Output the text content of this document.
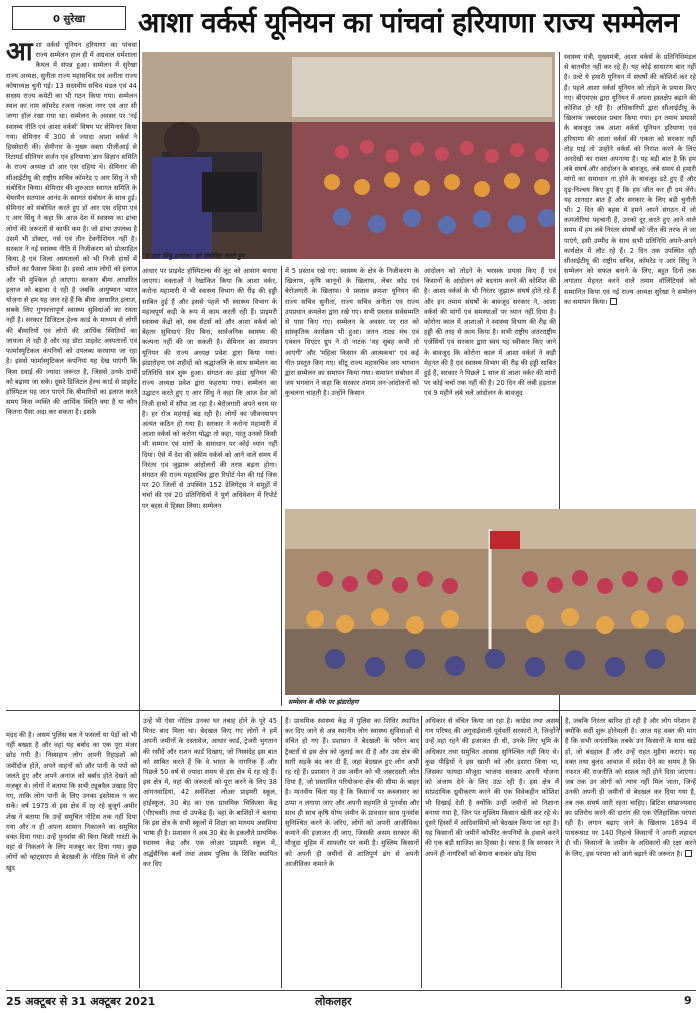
0 सुरेखा	आशा वर्कर्स यूनियन का पांचवां हरियाणा राज्य सम्मेलन
आ शा वर्कर्स यूनियन हरियाणा का पांचवा राज्य सम्मेलन हाल ही में अग्रवाल धर्मशाला कैथल में संपन्न हुआ। सम्मेलन में सुरेखा राज्य अध्यक्ष, सुनीता राज्य महासचिव एवं अनीता राज्य कोषाध्यक्ष चुनी गई। 13 सदस्यीय सचिव मंडल एवं 44 सदस्य राज्य कमेटी का भी गठन किया गया। सम्मेलन स्थल का नाम कॉमरेड रजना नरूला नगर एवं आर सी जग्गा हॉल रखा गया था। सम्मेलन के अवसर पर 'नई स्वास्थ्य नीति एवं आशा वर्कर्स' विषय पर सेमिनार किया गया। सेमिनार में 300 से ज्यादा आशा वर्कर्स ने हिस्सेदारी की। सेमीनार के मुख्य वक्ता पीजीआई से रिटायर्ड सीनियर सर्जन एवं हरियाणा ज्ञान विज्ञान समिति के राज्य अध्यक्ष डॉ आर एस दहिया थे। सेमिनार की सीआईटीयू की राष्ट्रीय सचिव कॉमरेड ए आर सिंधु ने भी संबोधित किया। सेमिनार की शुरुआत स्वागत समिति के चेयरमैन सतपाल आनंद के स्वागत संबोधन के साथ हुई। सेमिनार को संबोधित करते हुए डॉ आर एस दहिया एवं ए आर सिंधु ने कहा कि आज देश में स्वास्थ्य का ढांचा लोगों की जरूरतों से काफी कम है। जो ढांचा उपलब्ध है उसमें भी डॉक्टर, नर्स एवं तीन टेक्नीशियन नहीं है। सरकार ने नई स्वास्थ्य नीति में निजीकरण को प्रोत्साहित किया है एवं जिला अस्पतालों को भी निजी हाथों में सौंपने का फैसला किया है। इससे आम लोगों को इलाज और भी मुश्किल हो जाएगा। सरकार बीमा आधारित इलाज को बढ़ावा दे रही है जबकि आयुष्मान भारत योजना से हम यह जान रहे हैं कि बीमा आधारित इलाज, सबके लिए गुणवत्तापूर्ण स्वास्थ्य सुविधाओं का रास्ता नहीं है। सरकार डिजिटल हेल्थ कार्ड के माध्यम से लोगों की बीमारियों एवं लोगों की आर्थिक स्थितियों का जायजा ले रही है और यह डॉटा प्राइवेट अस्पतालों एवं फार्मास्युटिकल कंपनियों को उपलब्ध करवाया जा रहा है। इससे फार्मास्युटिकल कंपनियां यह देख पाएंगी कि किस दवाई की ज्यादा जरूरत है, जिससे उनके दामों को बढ़ाया जा सके। दूसरे डिजिटल हेल्थ कार्ड से प्राइवेट हॉस्पिटल यह जान पाएंगे कि बीमारियों का इलाज करते समय किस व्यक्ति की आर्थिक स्थिति क्या है या कौन कितना पैसा अदा कर सकता है। इसके
ए आर सिंधु सम्मेलन को संबोधित करते हुए
स्वास्थ्य मंत्री, मुख्यमंत्री, आशा वर्कर्स के प्रतिनिधिमंडल से बातचीत नहीं कर रहे हैं। यह कोई साधारण बात नहीं है। उल्टे ये हमारी यूनियन में संघर्षों की कोशिशें कर रहे हैं। पहले आशा वर्कर्स यूनियन को तोड़ने के प्रयास किए गए। बीएमएस द्वारा यूनियन में अपना हस्तक्षेप बढ़ाने की कोशिश हो रही है। अधिकारियों द्वारा सीआईटीयू के खिलाफ जबरदस्त प्रचार किया गया। इन तमाम प्रयासों के बावजूद जब आशा वर्कर्स यूनियन हरियाणा एवं हरियाणा की आशा वर्कर्स की एकता को सरकार नहीं तोड़ पाई तो उन्होंने वर्कर्स को निराश करने के लिए अनदेखी का रास्ता अपनाया है। यह बड़ी बात है कि हम लंबे संघर्ष और आंदोलन के बावजूद, लंबे समय से हमारी मांगों का समाधान ना होने के बावजूद डटे हुए हैं और दृढ़-निश्चय किए हुए हैं कि हम जीत कर ही दम लेंगे। यह शानदार बात है और सरकार के लिए बड़ी चुनौती भी। 2 दिन की बहस में हमने अपने संगठन में जो कमजोरियां पहचानी हैं, उनको दूर करते हुए आने वाले समय में हम लंबे निरंतर संघर्षों को जीत की तरफ ले जा पाएंगे, इसी उम्मीद के साथ सभी प्रतिनिधि अपने-अपने कार्यक्षेत्र में लौट रहे हैं। 2 दिन तक उपस्थित रही सीआईटीयू की राष्ट्रीय सचिव, कॉमरेड ए आर सिंधु ने सम्मेलन को सफल बनाने के लिए, बहुत दिनों तक लगातार मेहनत करने वाले तमाम वॉलिंटियर्स को सम्मानित किया एवं नई राज्य अध्यक्ष सुरेखा ने सम्मेलन का समापन किया।
आधार पर प्राइवेट हॉस्पिटल्स की लूट को आसान बनाया जाएगा। वक्ताओं ने रेखांकित किया कि आशा वर्कर, करोना महामारी में भी स्वास्थ्य विभाग की रीढ़ की हड्डी साबित हुई हैं और इससे पहले भी स्वास्थ्य विभाग के महत्वपूर्ण कड़ी के रूप में काम करती रही हैं। प्राइमरी स्वास्थ्य केंद्रों को, सब सेंटर्स को और आशा वर्कर्स को बेहतर सुविधाएं दिए बिना, सार्वजनिक स्वास्थ्य की कल्पना नहीं की जा सकती है। सेमिनार का समापन यूनियन की राज्य अध्यक्ष प्रवेश द्वारा किया गया। झंडारोहण एवं शहीदों को श्रद्धांजलि के साथ सम्मेलन का प्रतिनिधि सत्र शुरू हुआ। संगठन का झंडा यूनियन की राज्य अध्यक्ष प्रवेश द्वारा फहराया गया। सम्मेलन का उद्घाटन करते हुए ए आर सिंधु ने कहा कि आज देश को निजी हाथों में सौंपा जा रहा है। बेरोजगारी अपने चरम पर है। हर रोज महंगाई बढ़ रही है। लोगों का जीवनयापन अत्यंत कठिन हो गया है। सरकार ने करोना महामारी में आशा वर्कर्स को करोना योद्धा तो कहा, परंतु उनको किसी भी सम्मान एवं मांगों के समाधान पर कोई ध्यान नहीं दिया। ऐसे में देश की स्कीम वर्कर्स को आने वाले समय में निरंतर एवं जुझारू आंदोलनों की तरफ बढ़ना होगा। संगठन की राज्य महासचिव द्वारा रिपोर्ट पेश की गई जिस पर 20 जिलों से उपस्थित 152 डेलिगेट्स ने समूहों में चर्चा की एवं 20 प्रतिनिधियों ने पूर्ण अधिवेशन में रिपोर्ट पर बहस में हिस्सा लिया। सम्मेलन
में 5 प्रस्ताव रखे गए: स्वास्थ्य के क्षेत्र के निजीकरण के खिलाफ, कृषि कानूनों के खिलाफ, लेबर कोड एवं बेरोजगारी के खिलाफ। ये प्रस्ताव क्रमशः यूनियन की राज्य सचिव सुनीता, राज्य सचिव अनीता एवं राज्य उपप्रधान कमलेश द्वारा रखे गए। सभी प्रस्ताव सर्वसम्मति से पास किए गए। सम्मेलन के अवसर पर रात को सांस्कृतिक कार्यक्रम भी हुआ। जतन नाट्य मंच एवं एक्शन थिएटर ग्रुप ने दो नाटक 'वह सुबह कभी तो आएगी' और 'महिला किसान की आत्मकथा' एवं कई गीत प्रस्तुत किए गए। सीटू राज्य महासचिव जय भगवान द्वारा सम्मेलन का समापन किया गया। समापन संबोधन में जय भगवान ने कहा कि सरकार तमाम जन-आंदोलनों को कुचलना चाहती है। उन्होंने किसान
आंदोलन को तोड़ने के भरसक प्रयास किए हैं एवं किसानों के आंदोलन को बदनाम करने की कोशिश की है। आशा वर्कर्स के भी निरंतर जुझारू संघर्ष होते रहे हैं और इन तमाम संघर्षों के बावजूद सरकार ने, आशा वर्कर्स की मांगों एवं समस्याओं पर ध्यान नहीं दिया है। कोरोना काल में आशाओं ने स्वास्थ्य विभाग की रीढ़ की हड्डी की तरह से काम किया है। सभी राष्ट्रीय अंतरराष्ट्रीय एजेंसियों एवं सरकार द्वारा स्वयं यह स्वीकार किए जाने के बावजूद कि कोरोना काल में आशा वर्कर्स ने कड़ी मेहनत की है एवं स्वास्थ्य विभाग की रीढ़ की हड्डी साबित हुई हैं, सरकार ने पिछले 1 साल से आशा वर्कर की मांगों पर कोई चर्चा तक नहीं की है। 20 दिन की लंबी हड़ताल एवं 9 महीने लंबे चले आंदोलन के बावजूद
सम्मेलन के मौके पर झंडारोहण
मदद की है। असम पुलिस बल ने फसलों या पेड़ों को भी नहीं बख्शा है और वहां यह बर्बाद का एक पूरा मंजर छोड़ गयी है। निस्सहाय लोग अपनी रिहाइशों को जमींदोज होते, अपने वाहनों को और पानी के पंपों को जलते हुए और अपने अनाज को बर्बाद होते देखने को मजबूर थे। लोगों ने बताया कि सभी ट्यूबवैल उखाड़ दिए गए, ताकि लोग पानी के लिए उनका इस्तेमाल न कर सकें। वर्ष 1975 से इस क्षेत्र में रह रहे बुजुर्ग अमीर शेख ने बताया कि उन्हें समुचित नोटिस तक नहीं दिया गया और न ही अपना सामान निकालने का समुचित वक्त दिया गया। उन्हें पुनर्वास की बिना किसी गारंटी के वहां से निकलने के लिए मजबूर कर दिया गया। कुछ लोगों को व्हाट्सएप से बेदखली के नोटिस मिले थे और खुद
उन्हें भी ऐसा नोटिस उनका घर तबाह होने के पूरे 45 मिनट बाद मिला था। बेदखल किए गए लोगों ने हमें अपनी जमीनों के दस्तावेज, आधार कार्ड, ट्रेजरी भुगतान की रसीदें और राशन कार्ड दिखाए, जो निस्संदेह इस बात को साबित करते हैं कि वे भारत के नागरिक हैं और पिछले 50 वर्ष से ज्यादा समय से इस क्षेत्र में रह रहे हैं। इस क्षेत्र में, वहां की जरूरतों को पूरा करने के लिए 38 आंगनवाड़ियां, 42 सर्वशिक्षा लोअर प्राइमरी स्कूल, हाईस्कूल, 30 बेड का एक प्राथमिक चिकित्सा केंद्र (पीएचसी) तथा दो उपकेंद्र हैं। वहां के बाशिंदों ने बताया कि इस क्षेत्र के सभी स्कूलों में शिक्षा का माध्यम असमिया भाषा ही है। प्रशासन ने अब 30 बेड के इकलौते प्राथमिक स्वास्थ्य केंद्र और एक लोअर प्राइमरी स्कूल में, अर्द्धसैनिक बलों तथा असम पुलिस के शिविर स्थापित कर दिए
हैं। प्राथमिक स्वास्थ्य केंद्र में पुलिस का शिविर स्थापित कर दिए जाने से अब स्थानीय लोग स्वास्थ्य सुविधाओं से वंचित हो गए हैं। प्रशासन ने बेदखली के फौरन बाद ट्रैक्टरों से इस क्षेत्र को जुताई कर दी है और उस क्षेत्र की सारी सड़कें बंद कर दी हैं, जहां बेदखल हुए लोग अभी रह रहे हैं। प्रशासन ने उस जमीन को भी जबरदस्ती जोत दिया है, जो प्रस्तावित परियोजना क्षेत्र की सीमा के बाहर है। मानवीय चिंता यह है कि किसानों पर कब्जावार का ठप्पा न लगाया जाए और अपनी सहमति से पुनर्वास और साथ ही साथ कृषि योग्य जमीन के प्रावधान साथ पुनर्वास सुनिश्चित करने के जरिए, लोगों को अपनी आजीविका कमाने की इजाजत दी जाए, जिसकी असम सरकार की मौजूदा मुहिम में साफतौर पर कमी है। मुस्लिम किसानों को अपनी ही जमीनों से शातिपूर्ण ढंग से अपनी आजीविका कमाने के
अधिकार से वंचित किया जा रहा है। कांग्रेस तथा असम गण परिषद की अगुवाईवाली पूर्ववर्ती सरकारों ने, जिन्होंने उन्हें वहां रहने की इजाजत दी थी, उनके लिए भूमि के अधिकार तथा समुचित आवास सुनिश्चित नहीं किए थे। कुछ पीढ़ियों ने इस खामी को और इशारा किया था, जिसका फायदा मौजूदा भाजपा सरकार अपनी योजना को अंजाम देने के लिए उठा रही है। इस क्षेत्र में सांप्रदायिक ध्रुवीकरण करने की एक विवेकहीन कोशिश भी दिखाई देती है क्योंकि उन्हीं जमीनों को निशाना बनाया गया है, जिन पर मुस्लिम किसान खेती कर रहे थे। दूसरे हिस्सों में आदिवासियों को बेदखल किया जा रहा है। यह किसानों की जमीनें कॉर्पोरेट कंपनियों के हवाले करने की एक बड़ी साजिश का हिस्सा है। साफ है कि सरकार ने अपने ही नागरिकों को बेगाना बनाकर छोड़ दिया
है, जबकि निरंतर बारिश हो रही है और लोग परेशान हैं क्योंकि सर्दी शुरू होनेवाली है। आज यह वक्त की मांग है कि सभी जनतांत्रिक तबके उन किसानों के साथ खड़े हों, जो बदहाल हैं और उन्हें राहत मुहैया कराएं। यह वक्त तथा बुलंद आवाज में संदेश देने का समय है कि नफरत की राजनीति को सफल नहीं होने दिया जाएगा। जब तक उन लोगों को न्याय नहीं मिल जाता, जिन्हें उनकी अपनी ही जमीनों से बेदखल कर दिया गया है, तब तक संघर्ष जारी रहना चाहिए। ब्रिटिश साम्राज्यवाद का प्रतिरोध करने की दारांग की एक ऐतिहासिक परंपरा रही है। लगान बढ़ाए जाने के खिलाफ 1894 में पाथरूघाट पर 140 निहत्थे किसानों ने अपनी शहादत दी थी। किसानों के जमीन के अधिकारों की रक्षा करने के लिए, इस परंपरा को आगे बढ़ाने की जरूरत है।
25 अक्टूबर से 31 अक्टूबर 2021	लोकलहर	9
